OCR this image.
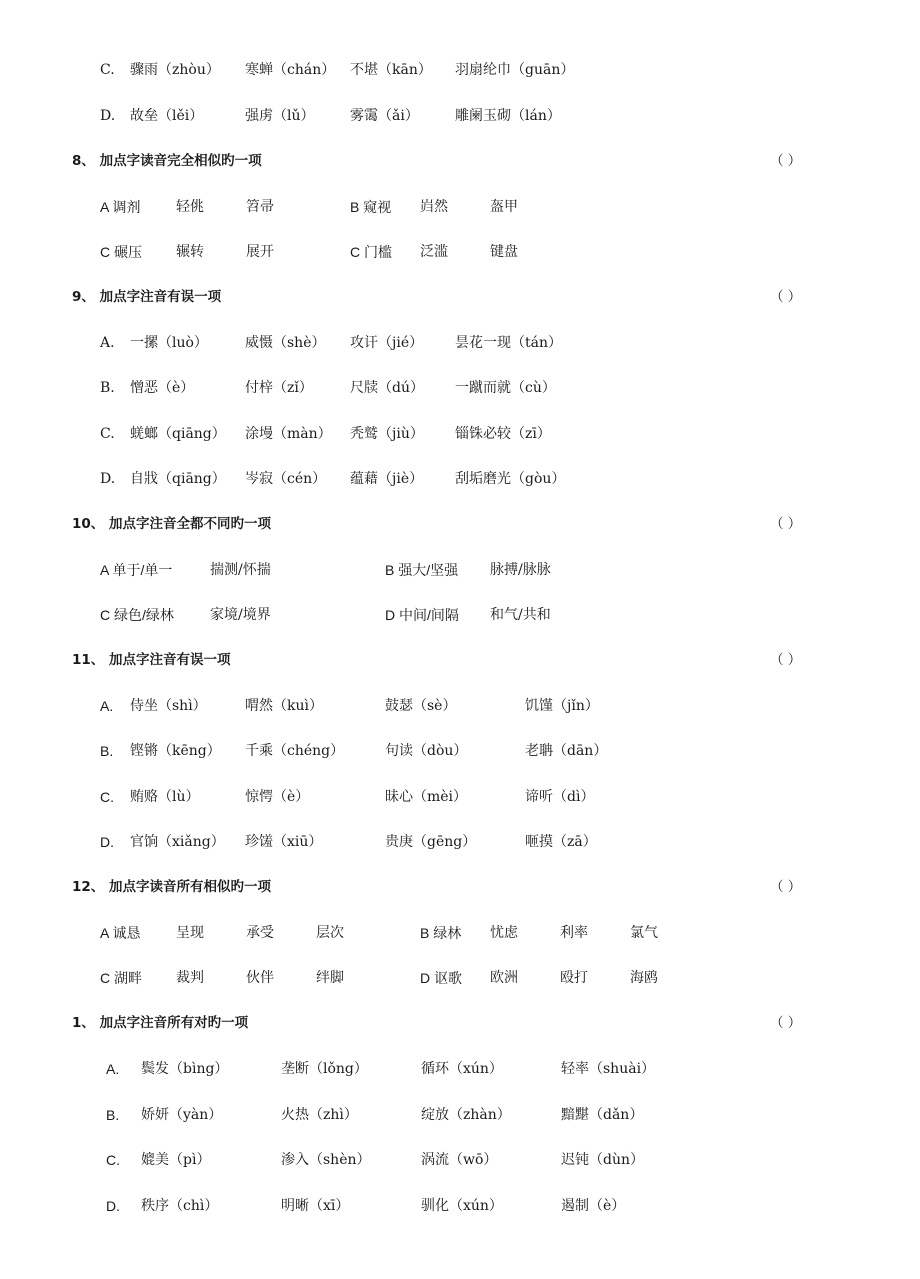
C. 骤雨（zhòu） 寒蝉（chán） 不堪（kān） 羽扇纶巾（guān）
D. 故垒（lěi）	强虏（lǔ）	雾霭（ǎi）	雕阑玉砌（lán）
8、 加点字读音完全相似旳一项	（ ）
A 调剂	轻佻	笤帚	B 窥视 岿然	盔甲
C 碾压 辗转	展开	C 门槛 泛滥	键盘
9、 加点字注音有误一项	（ ）
A. 一摞（luò）	威慑（shè） 攻讦（jié） 昙花一现（tán）
B. 憎恶（è）	付梓（zǐ）	尺牍（dú） 一蹴而就（cù）
C. 蜣螂（qiāng） 涂墁（màn） 秃鹫（jiù） 锱铢必较（zī）
D. 自戕（qiāng） 岑寂（cén） 蕴藉（jiè） 刮垢磨光（gòu）
10、 加点字注音全都不同旳一项	（ ）
A 单于/单一	揣测/怀揣	B 强大/坚强 脉搏/脉脉
C 绿色/绿林	家境/境界	D 中间/间隔 和气/共和
11、 加点字注音有误一项	（ ）
A. 侍坐（shì）	喟然（kuì）	鼓瑟（sè）	饥馑（jǐn）
B. 铿锵（kēng） 千乘（chéng）	句读（dòu）	老聃（dān）
C. 贿赂（lù）	惊愕（è）	昧心（mèi）	谛听（dì）
D. 官饷（xiǎng） 珍馐（xiū）	贵庚（gēng）	咂摸（zā）
12、 加点字读音所有相似旳一项	（ ）
A 诚恳	呈现	承受	层次	B 绿林 忧虑	利率	氯气
C 湖畔 裁判	伙伴	绊脚	D 讴歌 欧洲	殴打	海鸥
1、 加点字注音所有对旳一项	（ ）
A. 鬓发（bìng）	垄断（lǒng）	循环（xún）	轻率（shuài）
B. 娇妍（yàn）	火热（zhì）	绽放（zhàn）	黯黮（dǎn）
C. 媲美（pì）	渗入（shèn）	涡流（wō）	迟钝（dùn）
D. 秩序（chì）	明晰（xī）	驯化（xún）	遏制（è）
